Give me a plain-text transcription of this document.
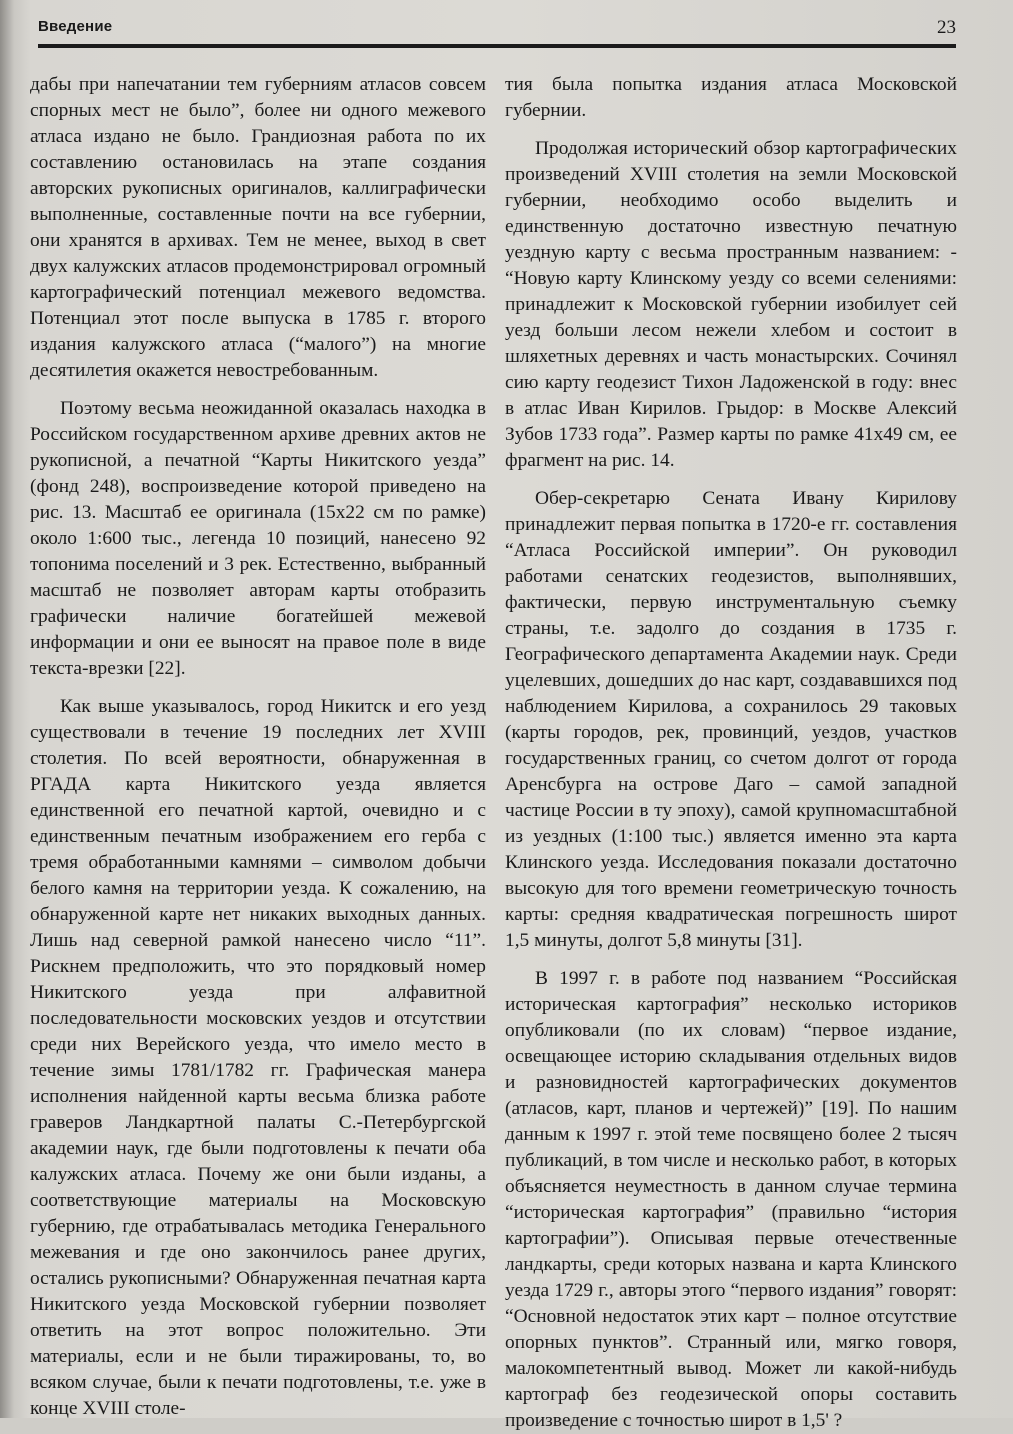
Введение	23

дабы при напечатании тем губерниям атласов совсем спорных мест не было”, более ни одного межевого атласа издано не было. Грандиозная работа по их составлению остановилась на этапе создания авторских рукописных оригиналов, каллиграфически выполненные, составленные почти на все губернии, они хранятся в архивах. Тем не менее, выход в свет двух калужских атласов продемонстрировал огромный картографический потенциал межевого ведомства. Потенциал этот после выпуска в 1785 г. второго издания калужского атласа (“малого”) на многие десятилетия окажется невостребованным.

Поэтому весьма неожиданной оказалась находка в Российском государственном архиве древних актов не рукописной, а печатной “Карты Никитского уезда” (фонд 248), воспроизведение которой приведено на рис. 13. Масштаб ее оригинала (15х22 см по рамке) около 1:600 тыс., легенда 10 позиций, нанесено 92 топонима поселений и 3 рек. Естественно, выбранный масштаб не позволяет авторам карты отобразить графически наличие богатейшей межевой информации и они ее выносят на правое поле в виде текста-врезки [22].

Как выше указывалось, город Никитск и его уезд существовали в течение 19 последних лет XVIII столетия. По всей вероятности, обнаруженная в РГАДА карта Никитского уезда является единственной его печатной картой, очевидно и с единственным печатным изображением его герба с тремя обработанными камнями – символом добычи белого камня на территории уезда. К сожалению, на обнаруженной карте нет никаких выходных данных. Лишь над северной рамкой нанесено число “11”. Рискнем предположить, что это порядковый номер Никитского уезда при алфавитной последовательности московских уездов и отсутствии среди них Верейского уезда, что имело место в течение зимы 1781/1782 гг. Графическая манера исполнения найденной карты весьма близка работе граверов Ландкартной палаты С.-Петербургской академии наук, где были подготовлены к печати оба калужских атласа. Почему же они были изданы, а соответствующие материалы на Московскую губернию, где отрабатывалась методика Генерального межевания и где оно закончилось ранее других, остались рукописными? Обнаруженная печатная карта Никитского уезда Московской губернии позволяет ответить на этот вопрос положительно. Эти материалы, если и не были тиражированы, то, во всяком случае, были к печати подготовлены, т.е. уже в конце XVIII столе-

тия была попытка издания атласа Московской губернии.

Продолжая исторический обзор картографических произведений XVIII столетия на земли Московской губернии, необходимо особо выделить и единственную достаточно известную печатную уездную карту с весьма пространным названием: - “Новую карту Клинскому уезду со всеми селениями: принадлежит к Московской губернии изобилует сей уезд больши лесом нежели хлебом и состоит в шляхетных деревнях и часть монастырских. Сочинял сию карту геодезист Тихон Ладоженской в году: внес в атлас Иван Кирилов. Грыдор: в Москве Алексий Зубов 1733 года”. Размер карты по рамке 41х49 см, ее фрагмент на рис. 14.

Обер-секретарю Сената Ивану Кирилову принадлежит первая попытка в 1720-е гг. составления “Атласа Российской империи”. Он руководил работами сенатских геодезистов, выполнявших, фактически, первую инструментальную съемку страны, т.е. задолго до создания в 1735 г. Географического департамента Академии наук. Среди уцелевших, дошедших до нас карт, создававшихся под наблюдением Кирилова, а сохранилось 29 таковых (карты городов, рек, провинций, уездов, участков государственных границ, со счетом долгот от города Аренсбурга на острове Даго – самой западной частице России в ту эпоху), самой крупномасштабной из уездных (1:100 тыс.) является именно эта карта Клинского уезда. Исследования показали достаточно высокую для того времени геометрическую точность карты: средняя квадратическая погрешность широт 1,5 минуты, долгот 5,8 минуты [31].

В 1997 г. в работе под названием “Российская историческая картография” несколько историков опубликовали (по их словам) “первое издание, освещающее историю складывания отдельных видов и разновидностей картографических документов (атласов, карт, планов и чертежей)” [19]. По нашим данным к 1997 г. этой теме посвящено более 2 тысяч публикаций, в том числе и несколько работ, в которых объясняется неуместность в данном случае термина “историческая картография” (правильно “история картографии”). Описывая первые отечественные ландкарты, среди которых названа и карта Клинского уезда 1729 г., авторы этого “первого издания” говорят: “Основной недостаток этих карт – полное отсутствие опорных пунктов”. Странный или, мягко говоря, малокомпетентный вывод. Может ли какой-нибудь картограф без геодезической опоры составить произведение с точностью широт в 1,5' ?
